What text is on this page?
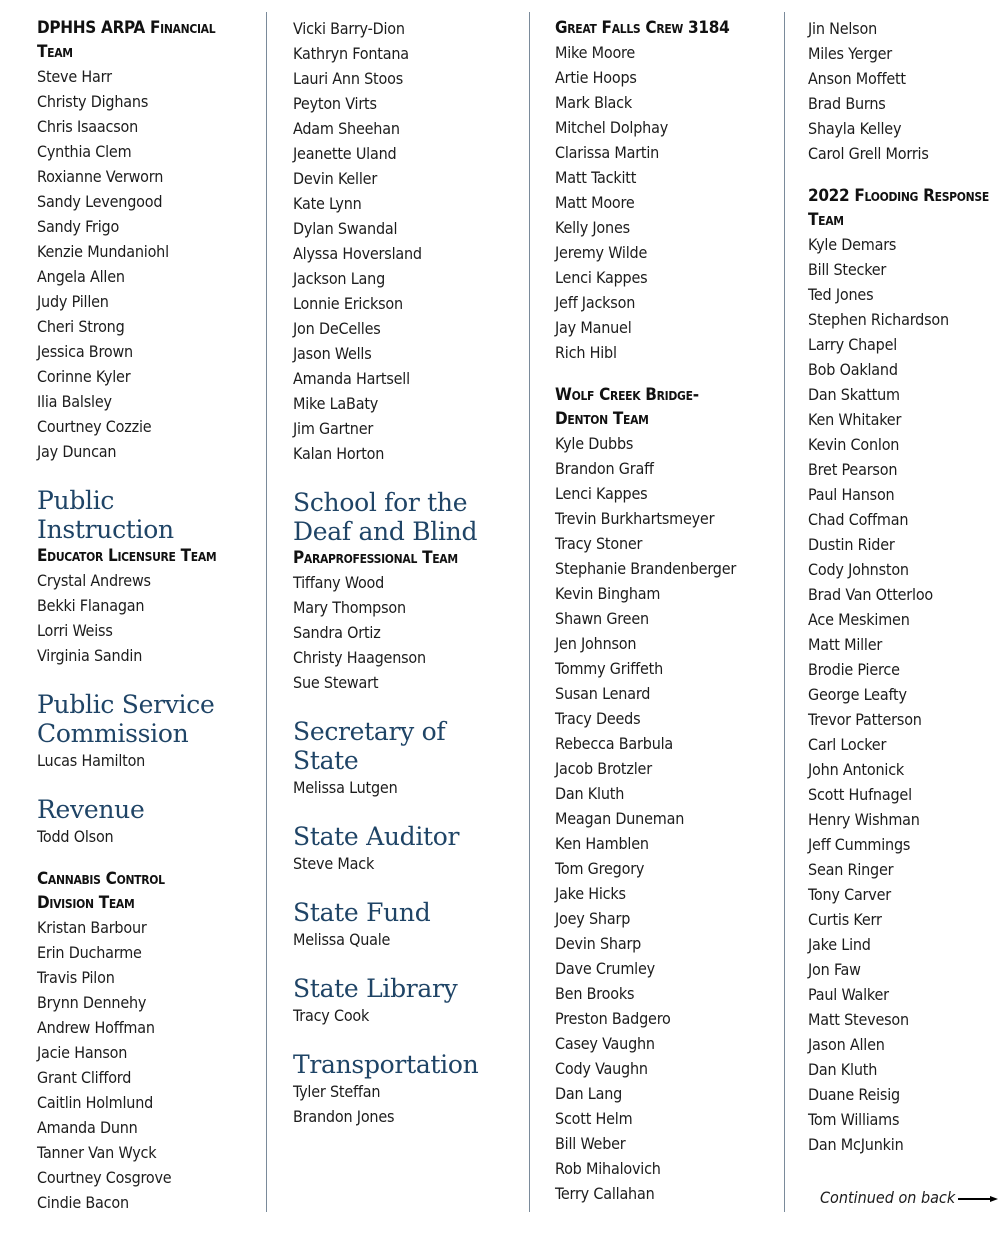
DPHHS ARPA Financial
Team
Steve Harr
Christy Dighans
Chris Isaacson
Cynthia Clem
Roxianne Verworn
Sandy Levengood
Sandy Frigo
Kenzie Mundaniohl
Angela Allen
Judy Pillen
Cheri Strong
Jessica Brown
Corinne Kyler
Ilia Balsley
Courtney Cozzie
Jay Duncan
Public
Instruction
Educator Licensure Team
Crystal Andrews
Bekki Flanagan
Lorri Weiss
Virginia Sandin
Public Service
Commission
Lucas Hamilton
Revenue
Todd Olson
Cannabis Control
Division Team
Kristan Barbour
Erin Ducharme
Travis Pilon
Brynn Dennehy
Andrew Hoffman
Jacie Hanson
Grant Clifford
Caitlin Holmlund
Amanda Dunn
Tanner Van Wyck
Courtney Cosgrove
Cindie Bacon
Vicki Barry-Dion
Kathryn Fontana
Lauri Ann Stoos
Peyton Virts
Adam Sheehan
Jeanette Uland
Devin Keller
Kate Lynn
Dylan Swandal
Alyssa Hoversland
Jackson Lang
Lonnie Erickson
Jon DeCelles
Jason Wells
Amanda Hartsell
Mike LaBaty
Jim Gartner
Kalan Horton
School for the
Deaf and Blind
Paraprofessional Team
Tiffany Wood
Mary Thompson
Sandra Ortiz
Christy Haagenson
Sue Stewart
Secretary of
State
Melissa Lutgen
State Auditor
Steve Mack
State Fund
Melissa Quale
State Library
Tracy Cook
Transportation
Tyler Steffan
Brandon Jones
Great Falls Crew 3184
Mike Moore
Artie Hoops
Mark Black
Mitchel Dolphay
Clarissa Martin
Matt Tackitt
Matt Moore
Kelly Jones
Jeremy Wilde
Lenci Kappes
Jeff Jackson
Jay Manuel
Rich Hibl
Wolf Creek Bridge-
Denton Team
Kyle Dubbs
Brandon Graff
Lenci Kappes
Trevin Burkhartsmeyer
Tracy Stoner
Stephanie Brandenberger
Kevin Bingham
Shawn Green
Jen Johnson
Tommy Griffeth
Susan Lenard
Tracy Deeds
Rebecca Barbula
Jacob Brotzler
Dan Kluth
Meagan Duneman
Ken Hamblen
Tom Gregory
Jake Hicks
Joey Sharp
Devin Sharp
Dave Crumley
Ben Brooks
Preston Badgero
Casey Vaughn
Cody Vaughn
Dan Lang
Scott Helm
Bill Weber
Rob Mihalovich
Terry Callahan
Jin Nelson
Miles Yerger
Anson Moffett
Brad Burns
Shayla Kelley
Carol Grell Morris
2022 Flooding Response
Team
Kyle Demars
Bill Stecker
Ted Jones
Stephen Richardson
Larry Chapel
Bob Oakland
Dan Skattum
Ken Whitaker
Kevin Conlon
Bret Pearson
Paul Hanson
Chad Coffman
Dustin Rider
Cody Johnston
Brad Van Otterloo
Ace Meskimen
Matt Miller
Brodie Pierce
George Leafty
Trevor Patterson
Carl Locker
John Antonick
Scott Hufnagel
Henry Wishman
Jeff Cummings
Sean Ringer
Tony Carver
Curtis Kerr
Jake Lind
Jon Faw
Paul Walker
Matt Steveson
Jason Allen
Dan Kluth
Duane Reisig
Tom Williams
Dan McJunkin
Continued on back
